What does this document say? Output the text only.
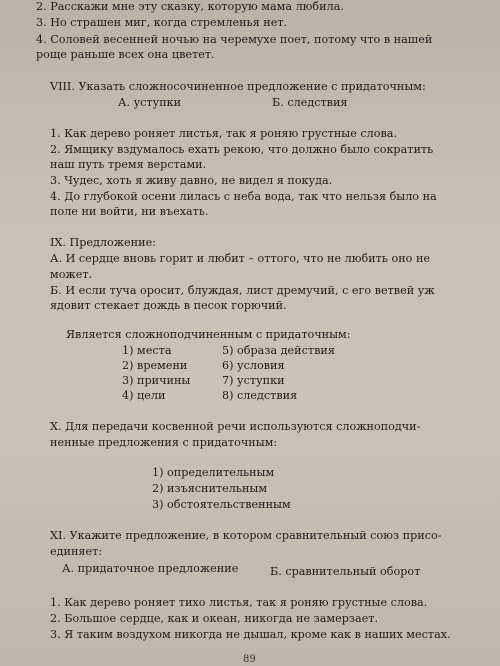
2. Расскажи мне эту сказку, которую мама любила.
3. Но страшен миг, когда стремленья нет.
4. Соловей весенней ночью на черемухе поет, потому что в нашей
роще раньше всех она цветет.
VIII. Указать сложносочиненное предложение с придаточным:
А. уступки	Б. следствия
1. Как дерево роняет листья, так я роняю грустные слова.
2. Ямщику вздумалось ехать рекою, что должно было сократить
наш путь тремя верстами.
3. Чудес, хоть я живу давно, не видел я покуда.
4. До глубокой осени лилась с неба вода, так что нельзя было на
поле ни войти, ни въехать.
IX. Предложение:
А. И сердце вновь горит и любит – оттого, что не любить оно не
может.
Б. И если туча оросит, блуждая, лист дремучий, с его ветвей уж
ядовит стекает дождь в песок горючий.
Является сложноподчиненным с придаточным:
1) места
2) времени
3) причины
4) цели
5) образа действия
6) условия
7) уступки
8) следствия
X. Для передачи косвенной речи используются сложноподчи-
ненные предложения с придаточным:
1) определительным
2) изъяснительным
3) обстоятельственным
XI. Укажите предложение, в котором сравнительный союз присо-
единяет:
А. придаточное предложение	Б. сравнительный оборот
1. Как дерево роняет тихо листья, так я роняю грустные слова.
2. Большое сердце, как и океан, никогда не замерзает.
3. Я таким воздухом никогда не дышал, кроме как в наших местах.
89
